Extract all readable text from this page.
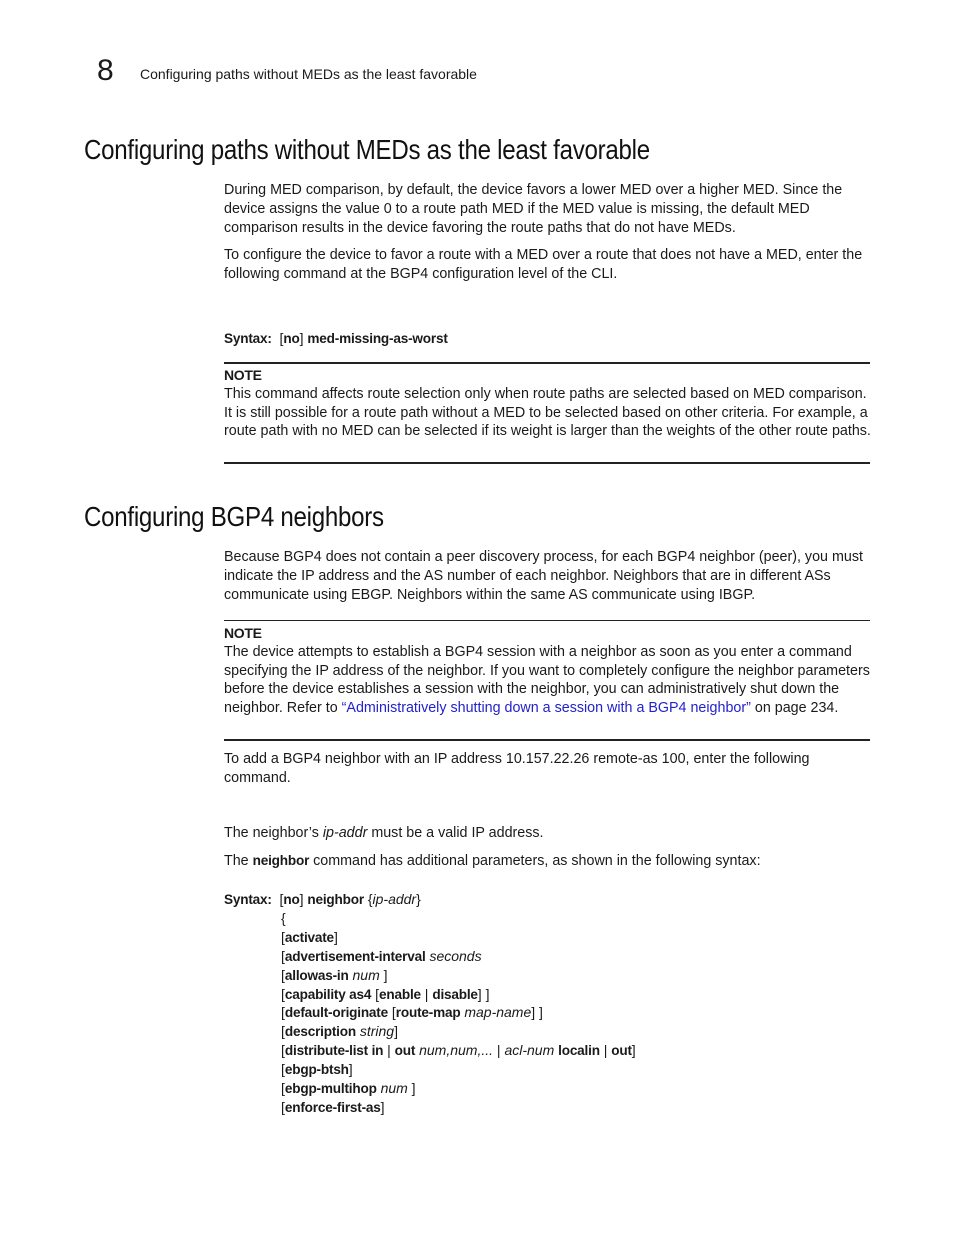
8 Configuring paths without MEDs as the least favorable
Configuring paths without MEDs as the least favorable

During MED comparison, by default, the device favors a lower MED over a higher MED. Since the device assigns the value 0 to a route path MED if the MED value is missing, the default MED comparison results in the device favoring the route paths that do not have MEDs.

To configure the device to favor a route with a MED over a route that does not have a MED, enter the following command at the BGP4 configuration level of the CLI.

Syntax: [no] med-missing-as-worst
NOTE

This command affects route selection only when route paths are selected based on MED comparison. It is still possible for a route path without a MED to be selected based on other criteria. For example, a route path with no MED can be selected if its weight is larger than the weights of the other route paths.

Configuring BGP4 neighbors

Because BGP4 does not contain a peer discovery process, for each BGP4 neighbor (peer), you must indicate the IP address and the AS number of each neighbor. Neighbors that are in different ASs communicate using EBGP. Neighbors within the same AS communicate using IBGP.

NOTE

The device attempts to establish a BGP4 session with a neighbor as soon as you enter a command specifying the IP address of the neighbor. If you want to completely configure the neighbor parameters before the device establishes a session with the neighbor, you can administratively shut down the neighbor. Refer to “Administratively shutting down a session with a BGP4 neighbor” on page 234.

To add a BGP4 neighbor with an IP address 10.157.22.26 remote-as 100, enter the following command.

The neighbor’s ip-addr must be a valid IP address.

The neighbor command has additional parameters, as shown in the following syntax:

Syntax: [no] neighbor {ip-addr}
{
[activate]
[advertisement-interval seconds
[allowas-in num ]
[capability as4 [enable | disable] ]
[default-originate [route-map map-name] ]
[description string]
[distribute-list in | out num,num,... | acl-num localin | out]
[ebgp-btsh]
[ebgp-multihop num ]
[enforce-first-as]
